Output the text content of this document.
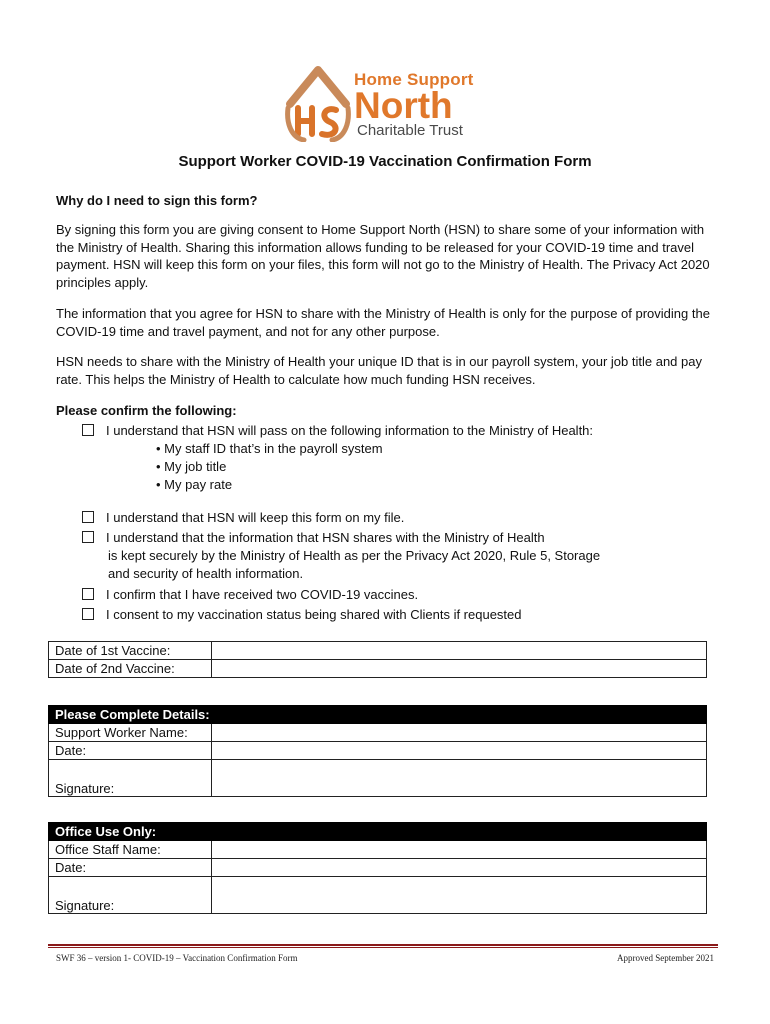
Home Support
North
Charitable Trust
Support Worker COVID-19 Vaccination Confirmation Form
Why do I need to sign this form?
By signing this form you are giving consent to Home Support North (HSN) to share some of your information with the Ministry of Health. Sharing this information allows funding to be released for your COVID-19 time and travel payment. HSN will keep this form on your files, this form will not go to the Ministry of Health. The Privacy Act 2020 principles apply.
The information that you agree for HSN to share with the Ministry of Health is only for the purpose of providing the COVID-19 time and travel payment, and not for any other purpose.
HSN needs to share with the Ministry of Health your unique ID that is in our payroll system, your job title and pay rate. This helps the Ministry of Health to calculate how much funding HSN receives.
Please confirm the following:
I understand that HSN will pass on the following information to the Ministry of Health:
• My staff ID that’s in the payroll system
• My job title
• My pay rate
I understand that HSN will keep this form on my file.
I understand that the information that HSN shares with the Ministry of Health
is kept securely by the Ministry of Health as per the Privacy Act 2020, Rule 5, Storage
and security of health information.
I confirm that I have received two COVID-19 vaccines.
I consent to my vaccination status being shared with Clients if requested
Date of 1st Vaccine:	
Date of 2nd Vaccine:	
Please Complete Details:	
Support Worker Name:	
Date:	
Signature:	
Office Use Only:	
Office Staff Name:	
Date:	
Signature:	
SWF 36 – version 1- COVID-19 – Vaccination Confirmation Form	Approved September 2021
